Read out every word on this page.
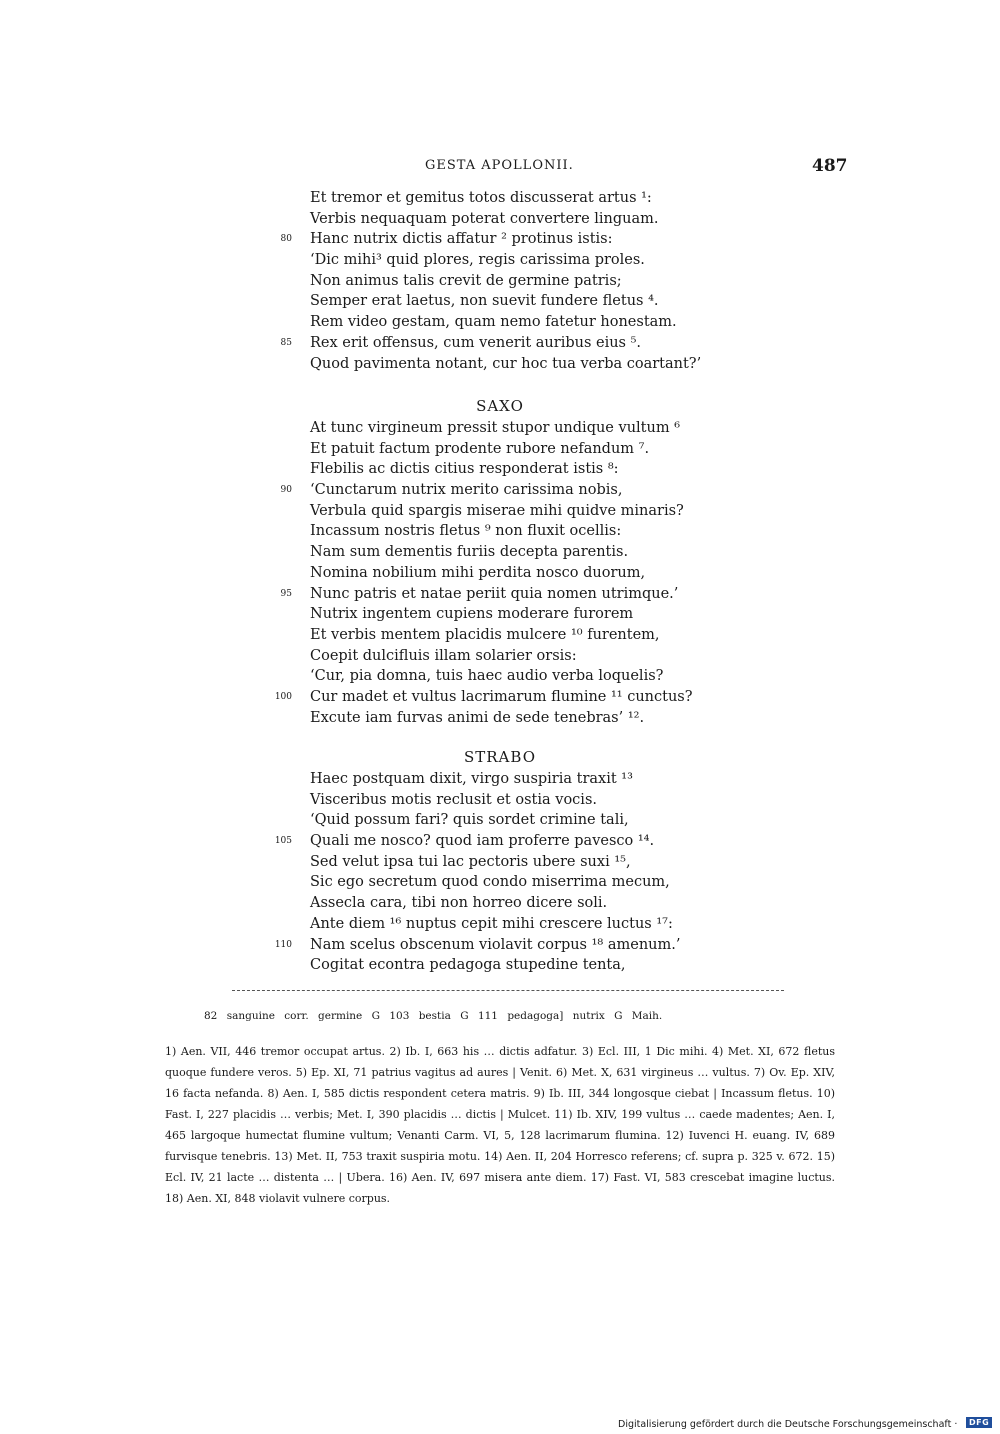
GESTA APOLLONII.	487
Et tremor et gemitus totos discusserat artus ¹:
Verbis nequaquam poterat convertere linguam.
80 Hanc nutrix dictis affatur ² protinus istis:
‘Dic mihi³ quid plores, regis carissima proles.
Non animus talis crevit de germine patris;
Semper erat laetus, non suevit fundere fletus ⁴.
Rem video gestam, quam nemo fatetur honestam.
85 Rex erit offensus, cum venerit auribus eius ⁵.
Quod pavimenta notant, cur hoc tua verba coartant?’
SAXO
At tunc virgineum pressit stupor undique vultum ⁶
Et patuit factum prodente rubore nefandum ⁷.
Flebilis ac dictis citius responderat istis ⁸:
90 ‘Cunctarum nutrix merito carissima nobis,
Verbula quid spargis miserae mihi quidve minaris?
Incassum nostris fletus ⁹ non fluxit ocellis:
Nam sum dementis furiis decepta parentis.
Nomina nobilium mihi perdita nosco duorum,
95 Nunc patris et natae periit quia nomen utrimque.’
Nutrix ingentem cupiens moderare furorem
Et verbis mentem placidis mulcere ¹⁰ furentem,
Coepit dulcifluis illam solarier orsis:
‘Cur, pia domna, tuis haec audio verba loquelis?
100 Cur madet et vultus lacrimarum flumine ¹¹ cunctus?
Excute iam furvas animi de sede tenebras’ ¹².
STRABO
Haec postquam dixit, virgo suspiria traxit ¹³
Visceribus motis reclusit et ostia vocis.
‘Quid possum fari? quis sordet crimine tali,
105 Quali me nosco? quod iam proferre pavesco ¹⁴.
Sed velut ipsa tui lac pectoris ubere suxi ¹⁵,
Sic ego secretum quod condo miserrima mecum,
Assecla cara, tibi non horreo dicere soli.
Ante diem ¹⁶ nuptus cepit mihi crescere luctus ¹⁷:
110 Nam scelus obscenum violavit corpus ¹⁸ amenum.’
Cogitat econtra pedagoga stupedine tenta,
82 sanguine corr. germine G 103 bestia G 111 pedagoga] nutrix G Maih.

1) Aen. VII, 446 tremor occupat artus. 2) Ib. I, 663 his … dictis adfatur. 3) Ecl. III, 1 Dic mihi. 4) Met. XI, 672 fletus quoque fundere veros. 5) Ep. XI, 71 patrius vagitus ad aures | Venit. 6) Met. X, 631 virgineus … vultus. 7) Ov. Ep. XIV, 16 facta nefanda. 8) Aen. I, 585 dictis respondent cetera matris. 9) Ib. III, 344 longosque ciebat | Incassum fletus. 10) Fast. I, 227 placidis … verbis; Met. I, 390 placidis … dictis | Mulcet. 11) Ib. XIV, 199 vultus … caede madentes; Aen. I, 465 largoque humectat flumine vultum; Venanti Carm. VI, 5, 128 lacrimarum flumina. 12) Iuvenci H. euang. IV, 689 furvisque tenebris. 13) Met. II, 753 traxit suspiria motu. 14) Aen. II, 204 Horresco referens; cf. supra p. 325 v. 672. 15) Ecl. IV, 21 lacte … distenta … | Ubera. 16) Aen. IV, 697 misera ante diem. 17) Fast. VI, 583 crescebat imagine luctus. 18) Aen. XI, 848 violavit vulnere corpus.

Digitalisierung gefördert durch die Deutsche Forschungsgemeinschaft ·	DFG
